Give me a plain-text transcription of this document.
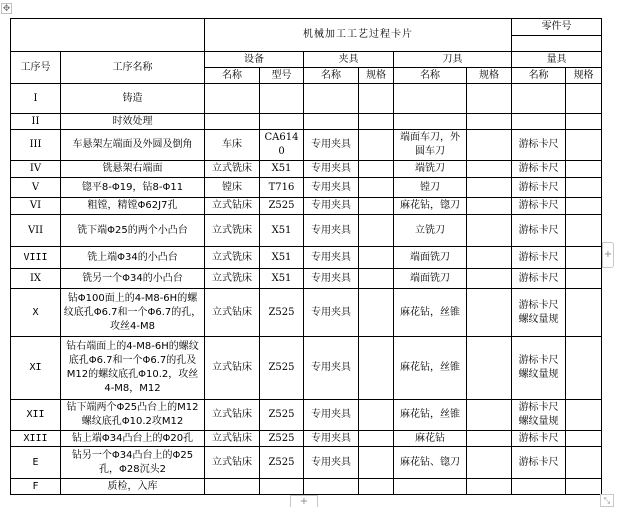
✥
		机械加工工艺过程卡片						零件号	

工序号	工序名称	设备		夹具		刀具		量具	
		名称	型号	名称	规格	名称	规格	名称	规格
I	铸造								
II	时效处理								
III	车悬架左端面及外圆及倒角	车床	CA6140	专用夹具		端面车刀，外圆车刀		游标卡尺	
IV	铣悬架右端面	立式铣床	X51	专用夹具		端铣刀		游标卡尺	
V	锪平8-Φ19，钻8-Φ11	镗床	T716	专用夹具		镗刀		游标卡尺	
VI	粗镗，精镗Φ62J7孔	立式钻床	Z525	专用夹具		麻花钻，锪刀		游标卡尺	
VII	铣下端Φ25的两个小凸台	立式铣床	X51	专用夹具		立铣刀		游标卡尺	
VIII	铣上端Φ34的小凸台	立式铣床	X51	专用夹具		端面铣刀		游标卡尺	
IX	铣另一个Φ34的小凸台	立式铣床	X51	专用夹具		端面铣刀		游标卡尺	
X	钻Φ100面上的4-M8-6H的螺纹底孔Φ6.7和一个Φ6.7的孔，攻丝4-M8	立式钻床	Z525	专用夹具		麻花钻，丝锥		游标卡尺 螺纹量规	
XI	钻右端面上的4-M8-6H的螺纹底孔Φ6.7和一个Φ6.7的孔及M12的螺纹底孔Φ10.2，攻丝4-M8，M12	立式钻床	Z525	专用夹具		麻花钻，丝锥		游标卡尺 螺纹量规	
XII	钻下端两个Φ25凸台上的M12螺纹底孔Φ10.2攻M12	立式钻床	Z525	专用夹具		麻花钻，丝锥		游标卡尺 螺纹量规	
XIII	钻上端Φ34凸台上的Φ20孔	立式钻床	Z525	专用夹具		麻花钻		游标卡尺	
E	钻另一个Φ34凸台上的Φ25孔，Φ28沉头2	立式钻床	Z525	专用夹具		麻花钻、锪刀		游标卡尺	
F	质检，入库								
+
+	⤡
